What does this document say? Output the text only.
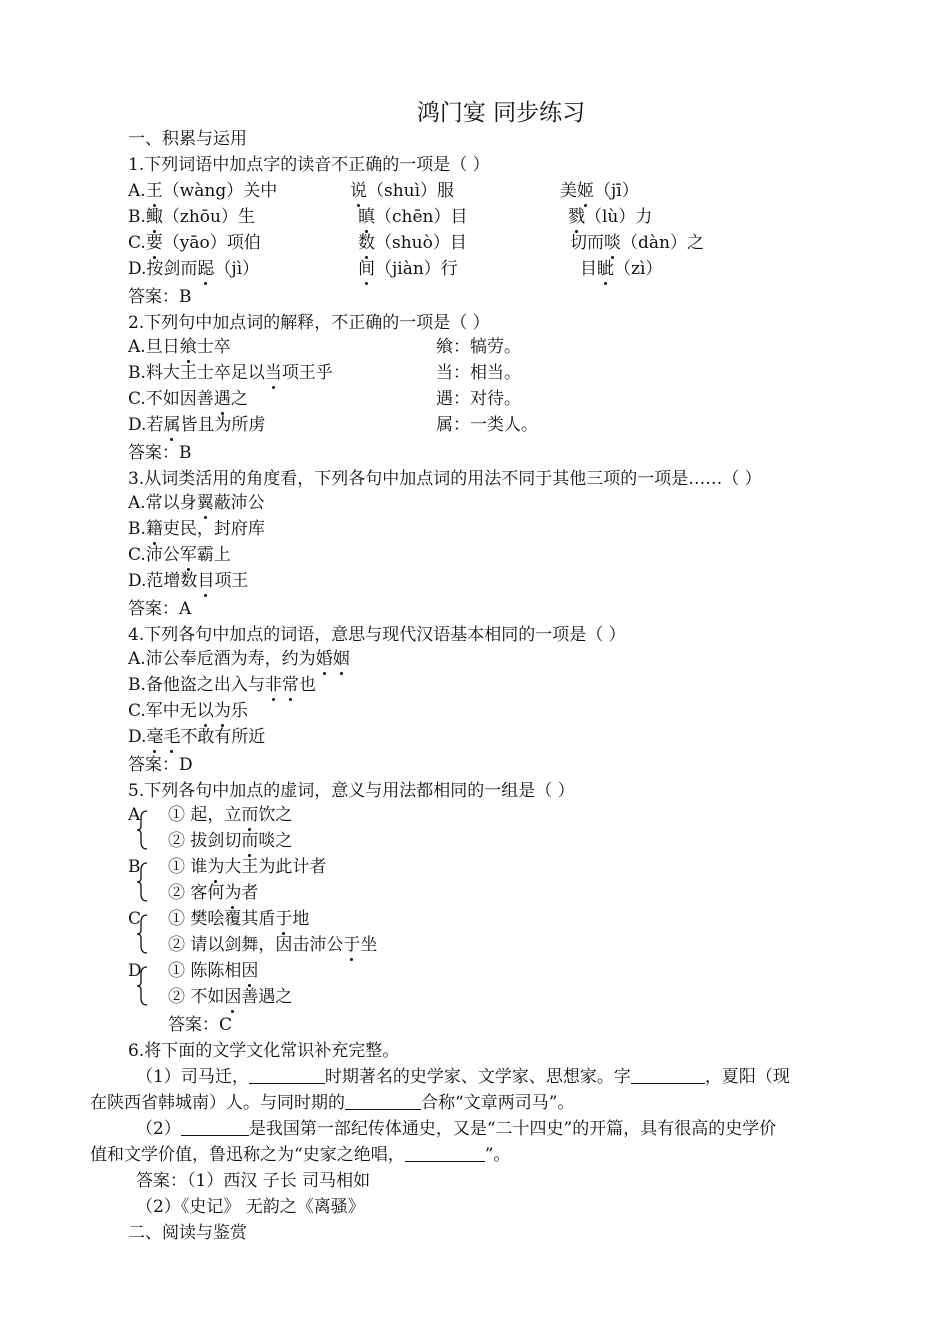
鸿门宴 同步练习
一、积累与运用
1.下列词语中加点字的读音不正确的一项是（ ）
A.王（wàng）关中	说（shuì）服	美姬（jī）
B.鲰（zhōu）生	瞋（chēn）目	戮（lù）力
C.要（yāo）项伯	数（shuò）目	切而啖（dàn）之
D.按剑而跽（jì）	间（jiàn）行	目眦（zì）
答案：B
2.下列句中加点词的解释，不正确的一项是（ ）
A.旦日飨士卒	飨：犒劳。
B.料大王士卒足以当项王乎	当：相当。
C.不如因善遇之	遇：对待。
D.若属皆且为所虏	属：一类人。
答案：B
3.从词类活用的角度看，下列各句中加点词的用法不同于其他三项的一项是……（ ）
A.常以身翼蔽沛公
B.籍吏民，封府库
C.沛公军霸上
D.范增数目项王
答案：A
4.下列各句中加点的词语，意思与现代汉语基本相同的一项是（ ）
A.沛公奉卮酒为寿，约为婚姻
B.备他盗之出入与非常也
C.军中无以为乐
D.毫毛不敢有所近
答案：D
5.下列各句中加点的虚词，意义与用法都相同的一组是（ ）
A ① 起，立而饮之
② 拔剑切而啖之
B ① 谁为大王为此计者
② 客何为者
C ① 樊哙覆其盾于地
② 请以剑舞，因击沛公于坐
D ① 陈陈相因
② 不如因善遇之
答案：C
6.将下面的文学文化常识补充完整。
（1）司马迁，	时期著名的史学家、文学家、思想家。字	，夏阳（现
在陕西省韩城南）人。与同时期的	合称“文章两司马”。
（2）	是我国第一部纪传体通史，又是“二十四史”的开篇，具有很高的史学价
值和文学价值，鲁迅称之为“史家之绝唱，	”。
答案：（1）西汉 子长 司马相如
（2）《史记》 无韵之《离骚》
二、阅读与鉴赏
